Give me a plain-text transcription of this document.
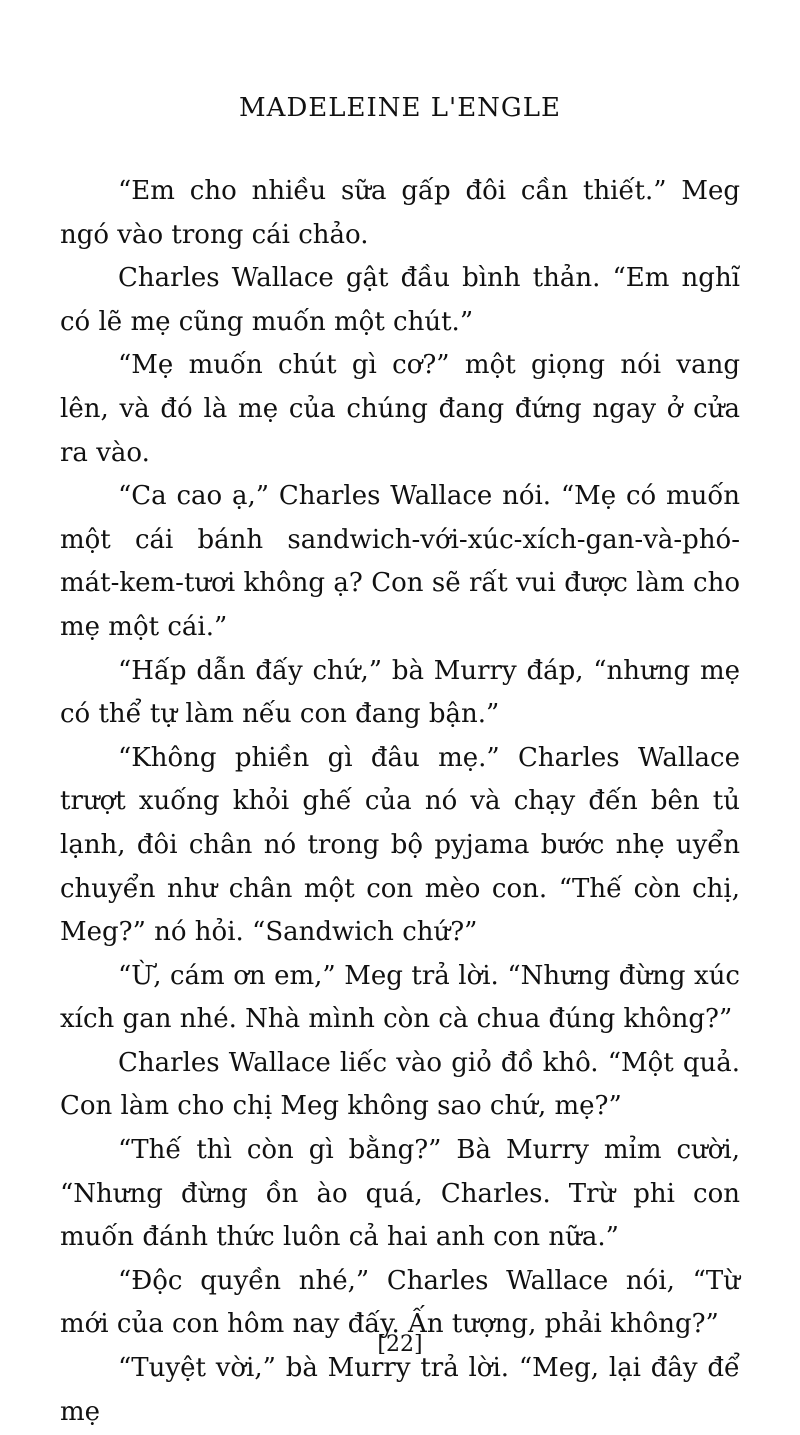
MADELEINE L'ENGLE

“Em cho nhiều sữa gấp đôi cần thiết.” Meg ngó vào trong cái chảo.

Charles Wallace gật đầu bình thản. “Em nghĩ có lẽ mẹ cũng muốn một chút.”

“Mẹ muốn chút gì cơ?” một giọng nói vang lên, và đó là mẹ của chúng đang đứng ngay ở cửa ra vào.

“Ca cao ạ,” Charles Wallace nói. “Mẹ có muốn một cái bánh sandwich-với-xúc-xích-gan-và-phó-mát-kem-tươi không ạ? Con sẽ rất vui được làm cho mẹ một cái.”

“Hấp dẫn đấy chứ,” bà Murry đáp, “nhưng mẹ có thể tự làm nếu con đang bận.”

“Không phiền gì đâu mẹ.” Charles Wallace trượt xuống khỏi ghế của nó và chạy đến bên tủ lạnh, đôi chân nó trong bộ pyjama bước nhẹ uyển chuyển như chân một con mèo con. “Thế còn chị, Meg?” nó hỏi. “Sandwich chứ?”

“Ừ, cám ơn em,” Meg trả lời. “Nhưng đừng xúc xích gan nhé. Nhà mình còn cà chua đúng không?”

Charles Wallace liếc vào giỏ đồ khô. “Một quả. Con làm cho chị Meg không sao chứ, mẹ?”

“Thế thì còn gì bằng?” Bà Murry mỉm cười, “Nhưng đừng ồn ào quá, Charles. Trừ phi con muốn đánh thức luôn cả hai anh con nữa.”

“Độc quyền nhé,” Charles Wallace nói, “Từ mới của con hôm nay đấy. Ấn tượng, phải không?”

“Tuyệt vời,” bà Murry trả lời. “Meg, lại đây để mẹ

[22]
